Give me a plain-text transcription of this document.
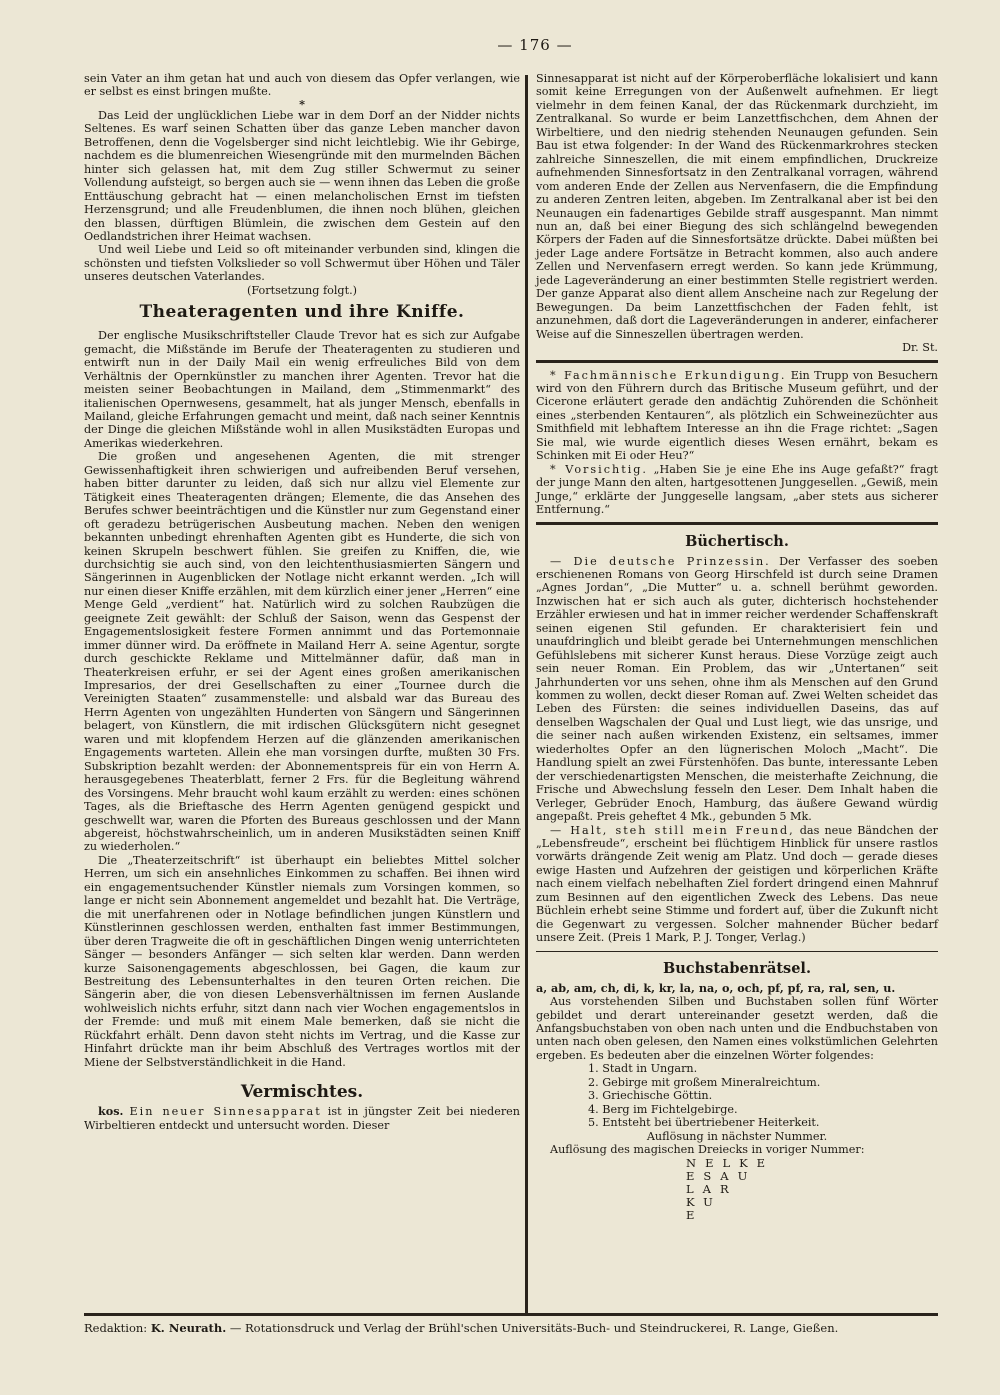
— 176 —

sein Vater an ihm getan hat und auch von diesem das Opfer verlangen, wie er selbst es einst bringen mußte.

*

Das Leid der unglücklichen Liebe war in dem Dorf an der Nidder nichts Seltenes. Es warf seinen Schatten über das ganze Leben mancher davon Betroffenen, denn die Vogelsberger sind nicht leichtlebig. Wie ihr Gebirge, nachdem es die blumenreichen Wiesengründe mit den murmelnden Bächen hinter sich gelassen hat, mit dem Zug stiller Schwermut zu seiner Vollendung aufsteigt, so bergen auch sie — wenn ihnen das Leben die große Enttäuschung gebracht hat — einen melancholischen Ernst im tiefsten Herzensgrund; und alle Freudenblumen, die ihnen noch blühen, gleichen den blassen, dürftigen Blümlein, die zwischen dem Gestein auf den Oedlandstrichen ihrer Heimat wachsen.

Und weil Liebe und Leid so oft miteinander verbunden sind, klingen die schönsten und tiefsten Volkslieder so voll Schwermut über Höhen und Täler unseres deutschen Vaterlandes.

(Fortsetzung folgt.)

Theateragenten und ihre Kniffe.

Der englische Musikschriftsteller Claude Trevor hat es sich zur Aufgabe gemacht, die Mißstände im Berufe der Theateragenten zu studieren und entwirft nun in der Daily Mail ein wenig erfreuliches Bild von dem Verhältnis der Opernkünstler zu manchen ihrer Agenten. Trevor hat die meisten seiner Beobachtungen in Mailand, dem „Stimmenmarkt“ des italienischen Opernwesens, gesammelt, hat als junger Mensch, ebenfalls in Mailand, gleiche Erfahrungen gemacht und meint, daß nach seiner Kenntnis der Dinge die gleichen Mißstände wohl in allen Musikstädten Europas und Amerikas wiederkehren.

Die großen und angesehenen Agenten, die mit strenger Gewissenhaftigkeit ihren schwierigen und aufreibenden Beruf versehen, haben bitter darunter zu leiden, daß sich nur allzu viel Elemente zur Tätigkeit eines Theateragenten drängen; Elemente, die das Ansehen des Berufes schwer beeinträchtigen und die Künstler nur zum Gegenstand einer oft geradezu betrügerischen Ausbeutung machen. Neben den wenigen bekannten unbedingt ehrenhaften Agenten gibt es Hunderte, die sich von keinen Skrupeln beschwert fühlen. Sie greifen zu Kniffen, die, wie durchsichtig sie auch sind, von den leichtenthusiasmierten Sängern und Sängerinnen in Augenblicken der Notlage nicht erkannt werden. „Ich will nur einen dieser Kniffe erzählen, mit dem kürzlich einer jener „Herren“ eine Menge Geld „verdient“ hat. Natürlich wird zu solchen Raubzügen die geeignete Zeit gewählt: der Schluß der Saison, wenn das Gespenst der Engagementslosigkeit festere Formen annimmt und das Portemonnaie immer dünner wird. Da eröffnete in Mailand Herr A. seine Agentur, sorgte durch geschickte Reklame und Mittelmänner dafür, daß man in Theaterkreisen erfuhr, er sei der Agent eines großen amerikanischen Impresarios, der drei Gesellschaften zu einer „Tournee durch die Vereinigten Staaten“ zusammenstelle: und alsbald war das Bureau des Herrn Agenten von ungezählten Hunderten von Sängern und Sängerinnen belagert, von Künstlern, die mit irdischen Glücksgütern nicht gesegnet waren und mit klopfendem Herzen auf die glänzenden amerikanischen Engagements warteten. Allein ehe man vorsingen durfte, mußten 30 Frs. Subskription bezahlt werden: der Abonnementspreis für ein von Herrn A. herausgegebenes Theaterblatt, ferner 2 Frs. für die Begleitung während des Vorsingens. Mehr braucht wohl kaum erzählt zu werden: eines schönen Tages, als die Brieftasche des Herrn Agenten genügend gespickt und geschwellt war, waren die Pforten des Bureaus geschlossen und der Mann abgereist, höchstwahrscheinlich, um in anderen Musikstädten seinen Kniff zu wiederholen.“

Die „Theaterzeitschrift“ ist überhaupt ein beliebtes Mittel solcher Herren, um sich ein ansehnliches Einkommen zu schaffen. Bei ihnen wird ein engagementsuchender Künstler niemals zum Vorsingen kommen, so lange er nicht sein Abonnement angemeldet und bezahlt hat. Die Verträge, die mit unerfahrenen oder in Notlage befindlichen jungen Künstlern und Künstlerinnen geschlossen werden, enthalten fast immer Bestimmungen, über deren Tragweite die oft in geschäftlichen Dingen wenig unterrichteten Sänger — besonders Anfänger — sich selten klar werden. Dann werden kurze Saisonengagements abgeschlossen, bei Gagen, die kaum zur Bestreitung des Lebensunterhaltes in den teuren Orten reichen. Die Sängerin aber, die von diesen Lebensverhältnissen im fernen Auslande wohlweislich nichts erfuhr, sitzt dann nach vier Wochen engagementslos in der Fremde: und muß mit einem Male bemerken, daß sie nicht die Rückfahrt erhält. Denn davon steht nichts im Vertrag, und die Kasse zur Hinfahrt drückte man ihr beim Abschluß des Vertrages wortlos mit der Miene der Selbstverständlichkeit in die Hand.

Vermischtes.

kos. Ein neuer Sinnesapparat ist in jüngster Zeit bei niederen Wirbeltieren entdeckt und untersucht worden. Dieser

Sinnesapparat ist nicht auf der Körperoberfläche lokalisiert und kann somit keine Erregungen von der Außenwelt aufnehmen. Er liegt vielmehr in dem feinen Kanal, der das Rückenmark durchzieht, im Zentralkanal. So wurde er beim Lanzettfischchen, dem Ahnen der Wirbeltiere, und den niedrig stehenden Neunaugen gefunden. Sein Bau ist etwa folgender: In der Wand des Rückenmarkrohres stecken zahlreiche Sinneszellen, die mit einem empfindlichen, Druckreize aufnehmenden Sinnesfortsatz in den Zentralkanal vorragen, während vom anderen Ende der Zellen aus Nervenfasern, die die Empfindung zu anderen Zentren leiten, abgeben. Im Zentralkanal aber ist bei den Neunaugen ein fadenartiges Gebilde straff ausgespannt. Man nimmt nun an, daß bei einer Biegung des sich schlängelnd bewegenden Körpers der Faden auf die Sinnesfortsätze drückte. Dabei müßten bei jeder Lage andere Fortsätze in Betracht kommen, also auch andere Zellen und Nervenfasern erregt werden. So kann jede Krümmung, jede Lageveränderung an einer bestimmten Stelle registriert werden. Der ganze Apparat also dient allem Anscheine nach zur Regelung der Bewegungen. Da beim Lanzettfischchen der Faden fehlt, ist anzunehmen, daß dort die Lageveränderungen in anderer, einfacherer Weise auf die Sinneszellen übertragen werden.

Dr. St.

* Fachmännische Erkundigung. Ein Trupp von Besuchern wird von den Führern durch das Britische Museum geführt, und der Cicerone erläutert gerade den andächtig Zuhörenden die Schönheit eines „sterbenden Kentauren“, als plötzlich ein Schweinezüchter aus Smithfield mit lebhaftem Interesse an ihn die Frage richtet: „Sagen Sie mal, wie wurde eigentlich dieses Wesen ernährt, bekam es Schinken mit Ei oder Heu?“

* Vorsichtig. „Haben Sie je eine Ehe ins Auge gefaßt?“ fragt der junge Mann den alten, hartgesottenen Junggesellen. „Gewiß, mein Junge,“ erklärte der Junggeselle langsam, „aber stets aus sicherer Entfernung.“

Büchertisch.

— Die deutsche Prinzessin. Der Verfasser des soeben erschienenen Romans von Georg Hirschfeld ist durch seine Dramen „Agnes Jordan“, „Die Mutter“ u. a. schnell berühmt geworden. Inzwischen hat er sich auch als guter, dichterisch hochstehender Erzähler erwiesen und hat in immer reicher werdender Schaffenskraft seinen eigenen Stil gefunden. Er charakterisiert fein und unaufdringlich und bleibt gerade bei Unternehmungen menschlichen Gefühlslebens mit sicherer Kunst heraus. Diese Vorzüge zeigt auch sein neuer Roman. Ein Problem, das wir „Untertanen“ seit Jahrhunderten vor uns sehen, ohne ihm als Menschen auf den Grund kommen zu wollen, deckt dieser Roman auf. Zwei Welten scheidet das Leben des Fürsten: die seines individuellen Daseins, das auf denselben Wagschalen der Qual und Lust liegt, wie das unsrige, und die seiner nach außen wirkenden Existenz, ein seltsames, immer wiederholtes Opfer an den lügnerischen Moloch „Macht“. Die Handlung spielt an zwei Fürstenhöfen. Das bunte, interessante Leben der verschiedenartigsten Menschen, die meisterhafte Zeichnung, die Frische und Abwechslung fesseln den Leser. Dem Inhalt haben die Verleger, Gebrüder Enoch, Hamburg, das äußere Gewand würdig angepaßt. Preis geheftet 4 Mk., gebunden 5 Mk.

— Halt, steh still mein Freund, das neue Bändchen der „Lebensfreude“, erscheint bei flüchtigem Hinblick für unsere rastlos vorwärts drängende Zeit wenig am Platz. Und doch — gerade dieses ewige Hasten und Aufzehren der geistigen und körperlichen Kräfte nach einem vielfach nebelhaften Ziel fordert dringend einen Mahnruf zum Besinnen auf den eigentlichen Zweck des Lebens. Das neue Büchlein erhebt seine Stimme und fordert auf, über die Zukunft nicht die Gegenwart zu vergessen. Solcher mahnender Bücher bedarf unsere Zeit. (Preis 1 Mark, P. J. Tonger, Verlag.)

Buchstabenrätsel.

a, ab, am, ch, di, k, kr, la, na, o, och, pf, pf, ra, ral, sen, u.

Aus vorstehenden Silben und Buchstaben sollen fünf Wörter gebildet und derart untereinander gesetzt werden, daß die Anfangsbuchstaben von oben nach unten und die Endbuchstaben von unten nach oben gelesen, den Namen eines volkstümlichen Gelehrten ergeben. Es bedeuten aber die einzelnen Wörter folgendes:

1. Stadt in Ungarn.
2. Gebirge mit großem Mineralreichtum.
3. Griechische Göttin.
4. Berg im Fichtelgebirge.
5. Entsteht bei übertriebener Heiterkeit.

Auflösung in nächster Nummer.

Auflösung des magischen Dreiecks in voriger Nummer:

NELKE
ESAU
LAR
KU
E
Redaktion: K. Neurath. — Rotationsdruck und Verlag der Brühl'schen Universitäts-Buch- und Steindruckerei, R. Lange, Gießen.
